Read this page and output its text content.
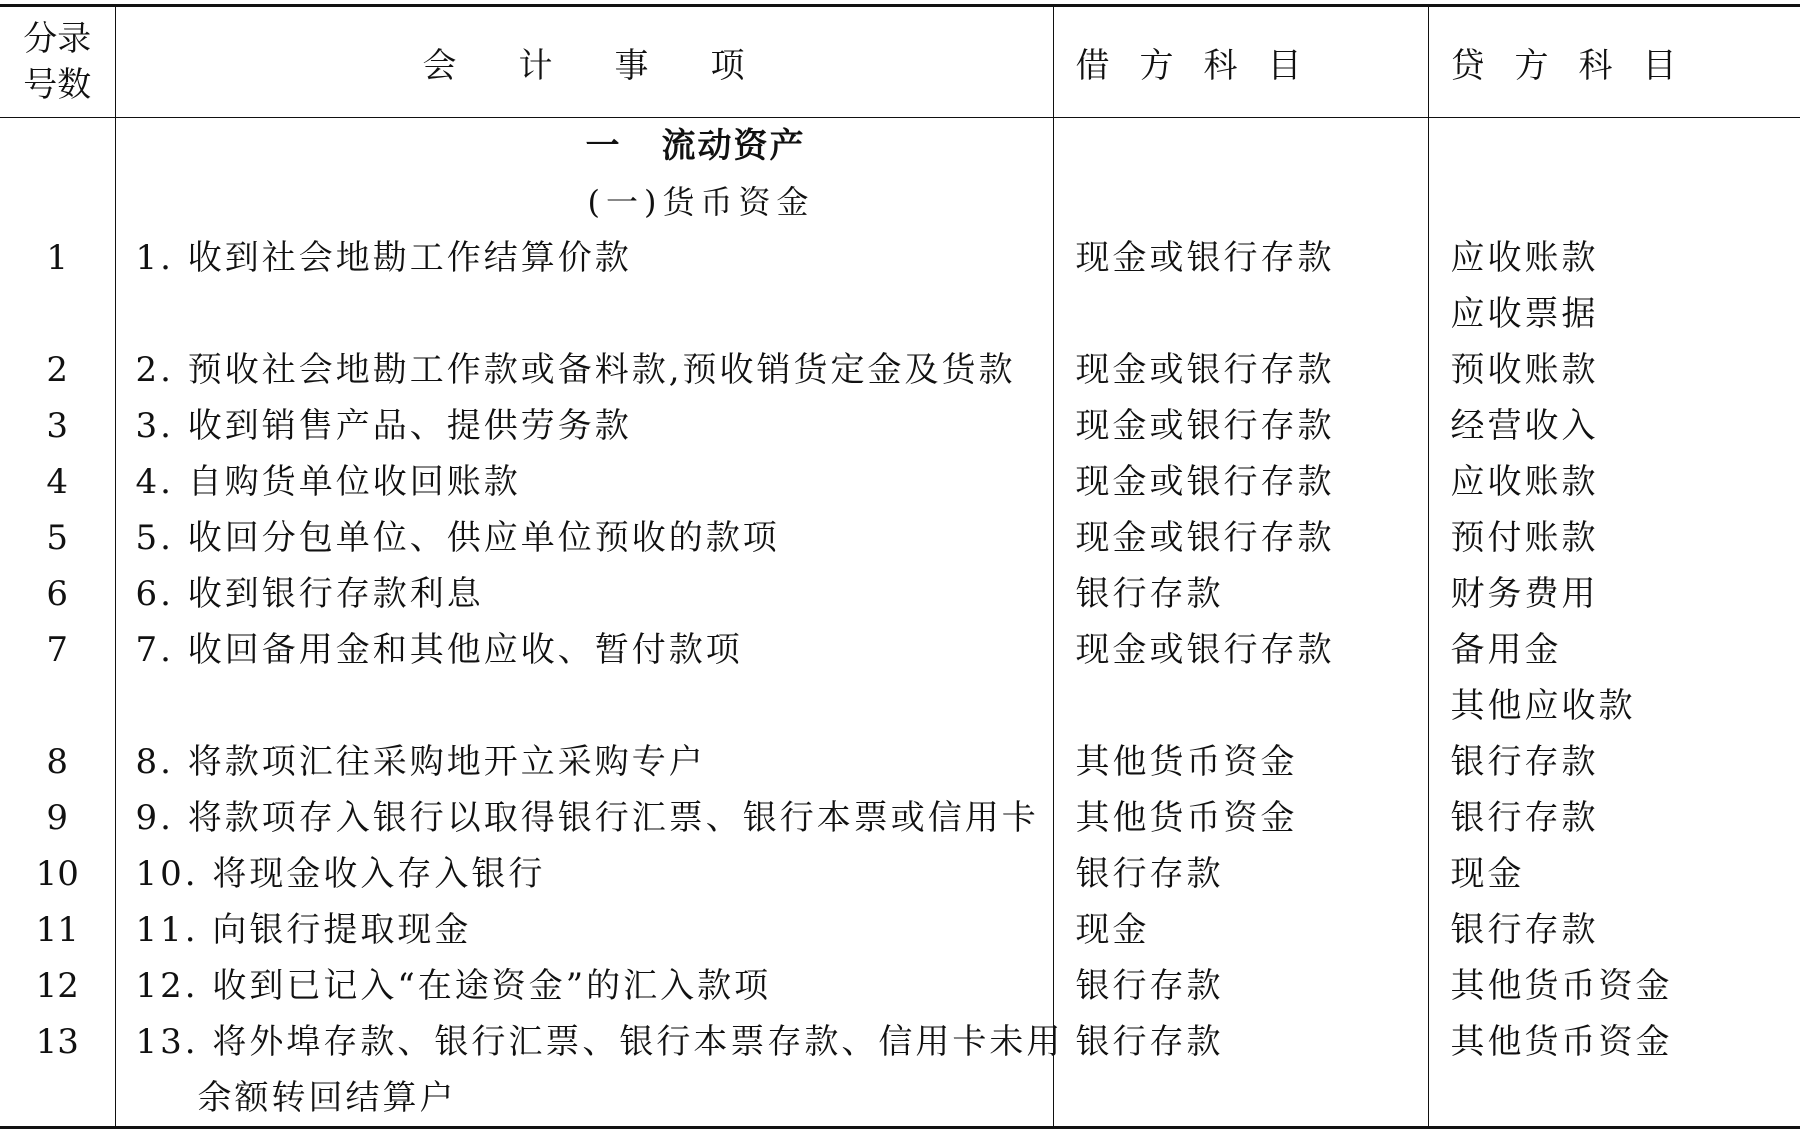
分录
号数	会计事项	借方科目	贷方科目
	一 流动资产		
	(一)货币资金		
1	1. 收到社会地勘工作结算价款	现金或银行存款	应收账款
			应收票据
2	2. 预收社会地勘工作款或备料款,预收销货定金及货款	现金或银行存款	预收账款
3	3. 收到销售产品、提供劳务款	现金或银行存款	经营收入
4	4. 自购货单位收回账款	现金或银行存款	应收账款
5	5. 收回分包单位、供应单位预收的款项	现金或银行存款	预付账款
6	6. 收到银行存款利息	银行存款	财务费用
7	7. 收回备用金和其他应收、暂付款项	现金或银行存款	备用金
			其他应收款
8	8. 将款项汇往采购地开立采购专户	其他货币资金	银行存款
9	9. 将款项存入银行以取得银行汇票、银行本票或信用卡	其他货币资金	银行存款
10	10. 将现金收入存入银行	银行存款	现金
11	11. 向银行提取现金	现金	银行存款
12	12. 收到已记入“在途资金”的汇入款项	银行存款	其他货币资金
13	13. 将外埠存款、银行汇票、银行本票存款、信用卡未用	银行存款	其他货币资金
	余额转回结算户		
